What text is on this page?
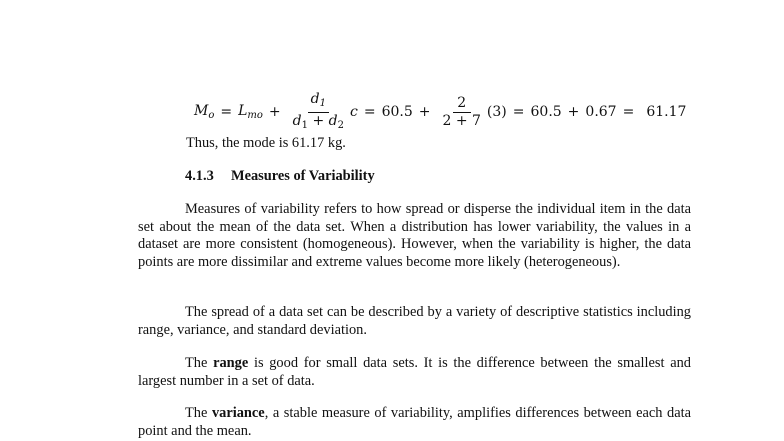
$M_o = L_{mo} + \frac{d_1}{d_1 + d_2}$ $c = 60.5 + \frac{2}{2 + 7} (3) = 60.5 + 0.67 = 61.17$

Thus, the mode is 61.17 kg.

4.1.3 Measures of Variability

Measures of variability refers to how spread or disperse the individual item in the data set about the mean of the data set. When a distribution has lower variability, the values in a dataset are more consistent (homogeneous). However, when the variability is higher, the data points are more dissimilar and extreme values become more likely (heterogeneous).

The spread of a data set can be described by a variety of descriptive statistics including range, variance, and standard deviation.

The range is good for small data sets. It is the difference between the smallest and largest number in a set of data.

The variance, a stable measure of variability, amplifies differences between each data point and the mean.
